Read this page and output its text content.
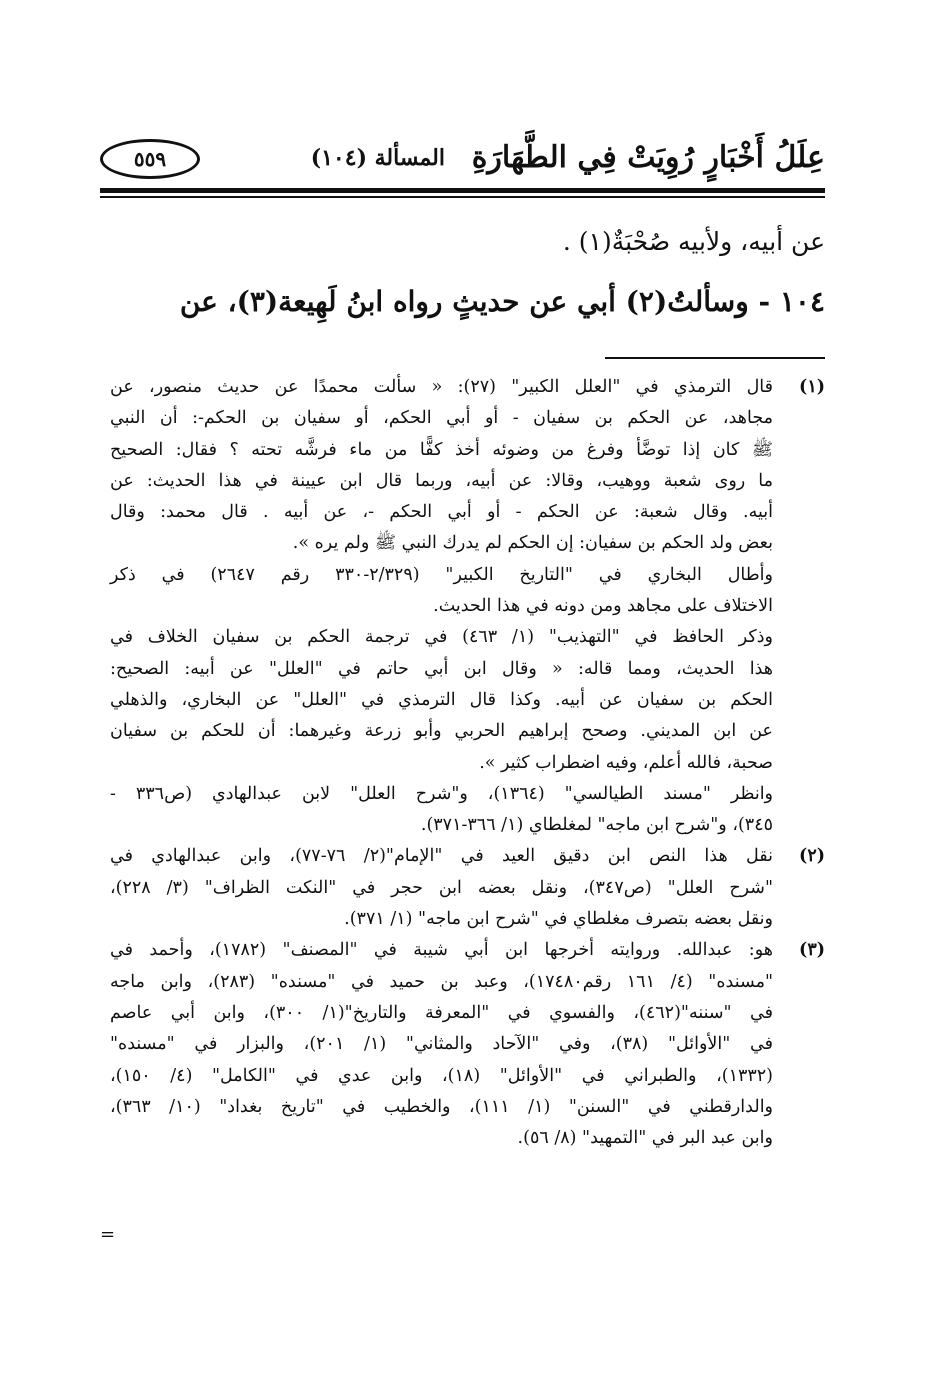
عِلَلُ أَخْبَارٍ رُوِيَتْ فِي الطَّهَارَةِ
المسألة (١٠٤)
٥٥٩
عن أبيه، ولأبيه صُحْبَةٌ(١) .
١٠٤ - وسألتُ(٢) أبي عن حديثٍ رواه ابنُ لَهِيعة(٣)، عن
(١)
قال الترمذي في "العلل الكبير" (٢٧): « سألت محمدًا عن حديث منصور، عن
مجاهد، عن الحكم بن سفيان - أو أبي الحكم، أو سفيان بن الحكم-: أن النبي
ﷺ كان إذا توضَّأ وفرغ من وضوئه أخذ كفًّا من ماء فرشَّه تحته ؟ فقال: الصحيح
ما روى شعبة ووهيب، وقالا: عن أبيه، وربما قال ابن عيينة في هذا الحديث: عن
أبيه. وقال شعبة: عن الحكم - أو أبي الحكم -، عن أبيه . قال محمد: وقال
بعض ولد الحكم بن سفيان: إن الحكم لم يدرك النبي ﷺ ولم يره ».
وأطال البخاري في "التاريخ الكبير" (٢/٣٢٩-٣٣٠ رقم ٢٦٤٧) في ذكر
الاختلاف على مجاهد ومن دونه في هذا الحديث.
وذكر الحافظ في "التهذيب" (١/ ٤٦٣) في ترجمة الحكم بن سفيان الخلاف في
هذا الحديث، ومما قاله: « وقال ابن أبي حاتم في "العلل" عن أبيه: الصحيح:
الحكم بن سفيان عن أبيه. وكذا قال الترمذي في "العلل" عن البخاري، والذهلي
عن ابن المديني. وصحح إبراهيم الحربي وأبو زرعة وغيرهما: أن للحكم بن سفيان
صحبة، فالله أعلم، وفيه اضطراب كثير ».
وانظر "مسند الطيالسي" (١٣٦٤)، و"شرح العلل" لابن عبدالهادي (ص٣٣٦ -
٣٤٥)، و"شرح ابن ماجه" لمغلطاي (١/ ٣٦٦-٣٧١).
(٢)
نقل هذا النص ابن دقيق العيد في "الإمام"(٢/ ٧٦-٧٧)، وابن عبدالهادي في
"شرح العلل" (ص٣٤٧)، ونقل بعضه ابن حجر في "النكت الظراف" (٣/ ٢٢٨)،
ونقل بعضه بتصرف مغلطاي في "شرح ابن ماجه" (١/ ٣٧١).
(٣)
هو: عبدالله. وروايته أخرجها ابن أبي شيبة في "المصنف" (١٧٨٢)، وأحمد في
"مسنده" (٤/ ١٦١ رقم١٧٤٨٠)، وعبد بن حميد في "مسنده" (٢٨٣)، وابن ماجه
في "سننه"(٤٦٢)، والفسوي في "المعرفة والتاريخ"(١/ ٣٠٠)، وابن أبي عاصم
في "الأوائل" (٣٨)، وفي "الآحاد والمثاني" (١/ ٢٠١)، والبزار في "مسنده"
(١٣٣٢)، والطبراني في "الأوائل" (١٨)، وابن عدي في "الكامل" (٤/ ١٥٠)،
والدارقطني في "السنن" (١/ ١١١)، والخطيب في "تاريخ بغداد" (١٠/ ٣٦٣)،
وابن عبد البر في "التمهيد" (٨/ ٥٦).
=
